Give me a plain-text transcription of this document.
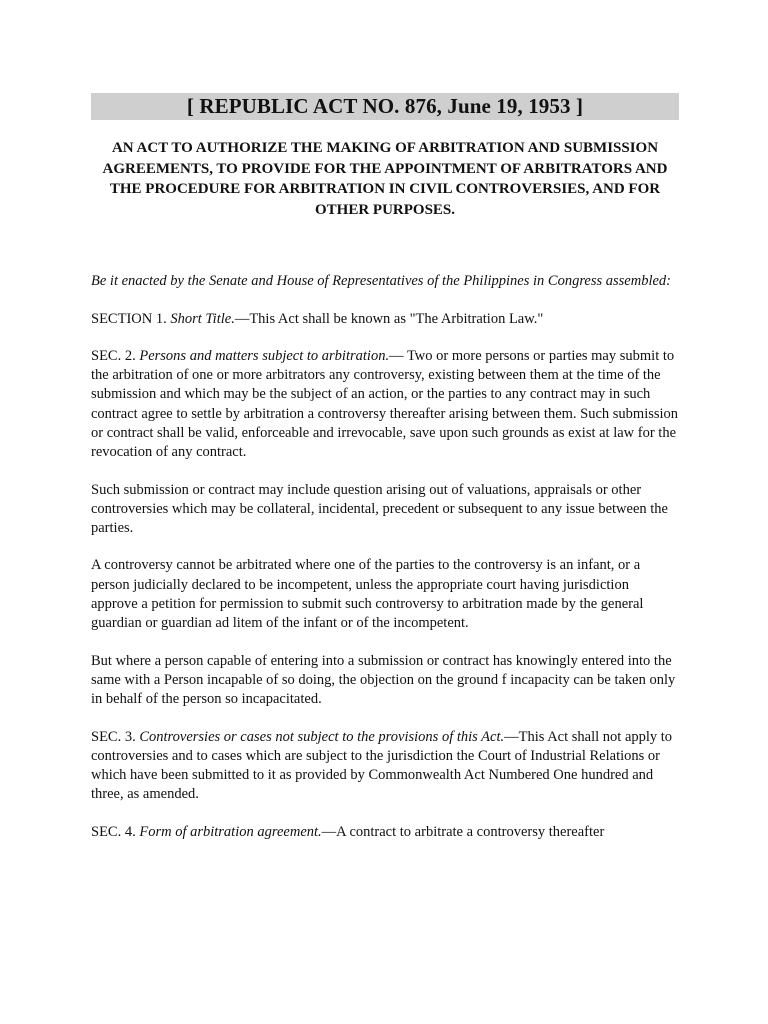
[ REPUBLIC ACT NO. 876, June 19, 1953 ]
AN ACT TO AUTHORIZE THE MAKING OF ARBITRATION AND SUBMISSION AGREEMENTS, TO PROVIDE FOR THE APPOINTMENT OF ARBITRATORS AND THE PROCEDURE FOR ARBITRATION IN CIVIL CONTROVERSIES, AND FOR OTHER PURPOSES.
Be it enacted by the Senate and House of Representatives of the Philippines in Congress assembled:

SECTION 1. Short Title.—This Act shall be known as "The Arbitration Law."

SEC. 2. Persons and matters subject to arbitration.— Two or more persons or parties may submit to the arbitration of one or more arbitrators any controversy, existing between them at the time of the submission and which may be the subject of an action, or the parties to any contract may in such contract agree to settle by arbitration a controversy thereafter arising between them. Such submission or contract shall be valid, enforceable and irrevocable, save upon such grounds as exist at law for the revocation of any contract.

Such submission or contract may include question arising out of valuations, appraisals or other controversies which may be collateral, incidental, precedent or subsequent to any issue between the parties.

A controversy cannot be arbitrated where one of the parties to the controversy is an infant, or a person judicially declared to be incompetent, unless the appropriate court having jurisdiction approve a petition for permission to submit such controversy to arbitration made by the general guardian or guardian ad litem of the infant or of the incompetent.

But where a person capable of entering into a submission or contract has knowingly entered into the same with a Person incapable of so doing, the objection on the ground f incapacity can be taken only in behalf of the person so incapacitated.

SEC. 3. Controversies or cases not subject to the provisions of this Act.—This Act shall not apply to controversies and to cases which are subject to the jurisdiction the Court of Industrial Relations or which have been submitted to it as provided by Commonwealth Act Numbered One hundred and three, as amended.

SEC. 4. Form of arbitration agreement.—A contract to arbitrate a controversy thereafter
